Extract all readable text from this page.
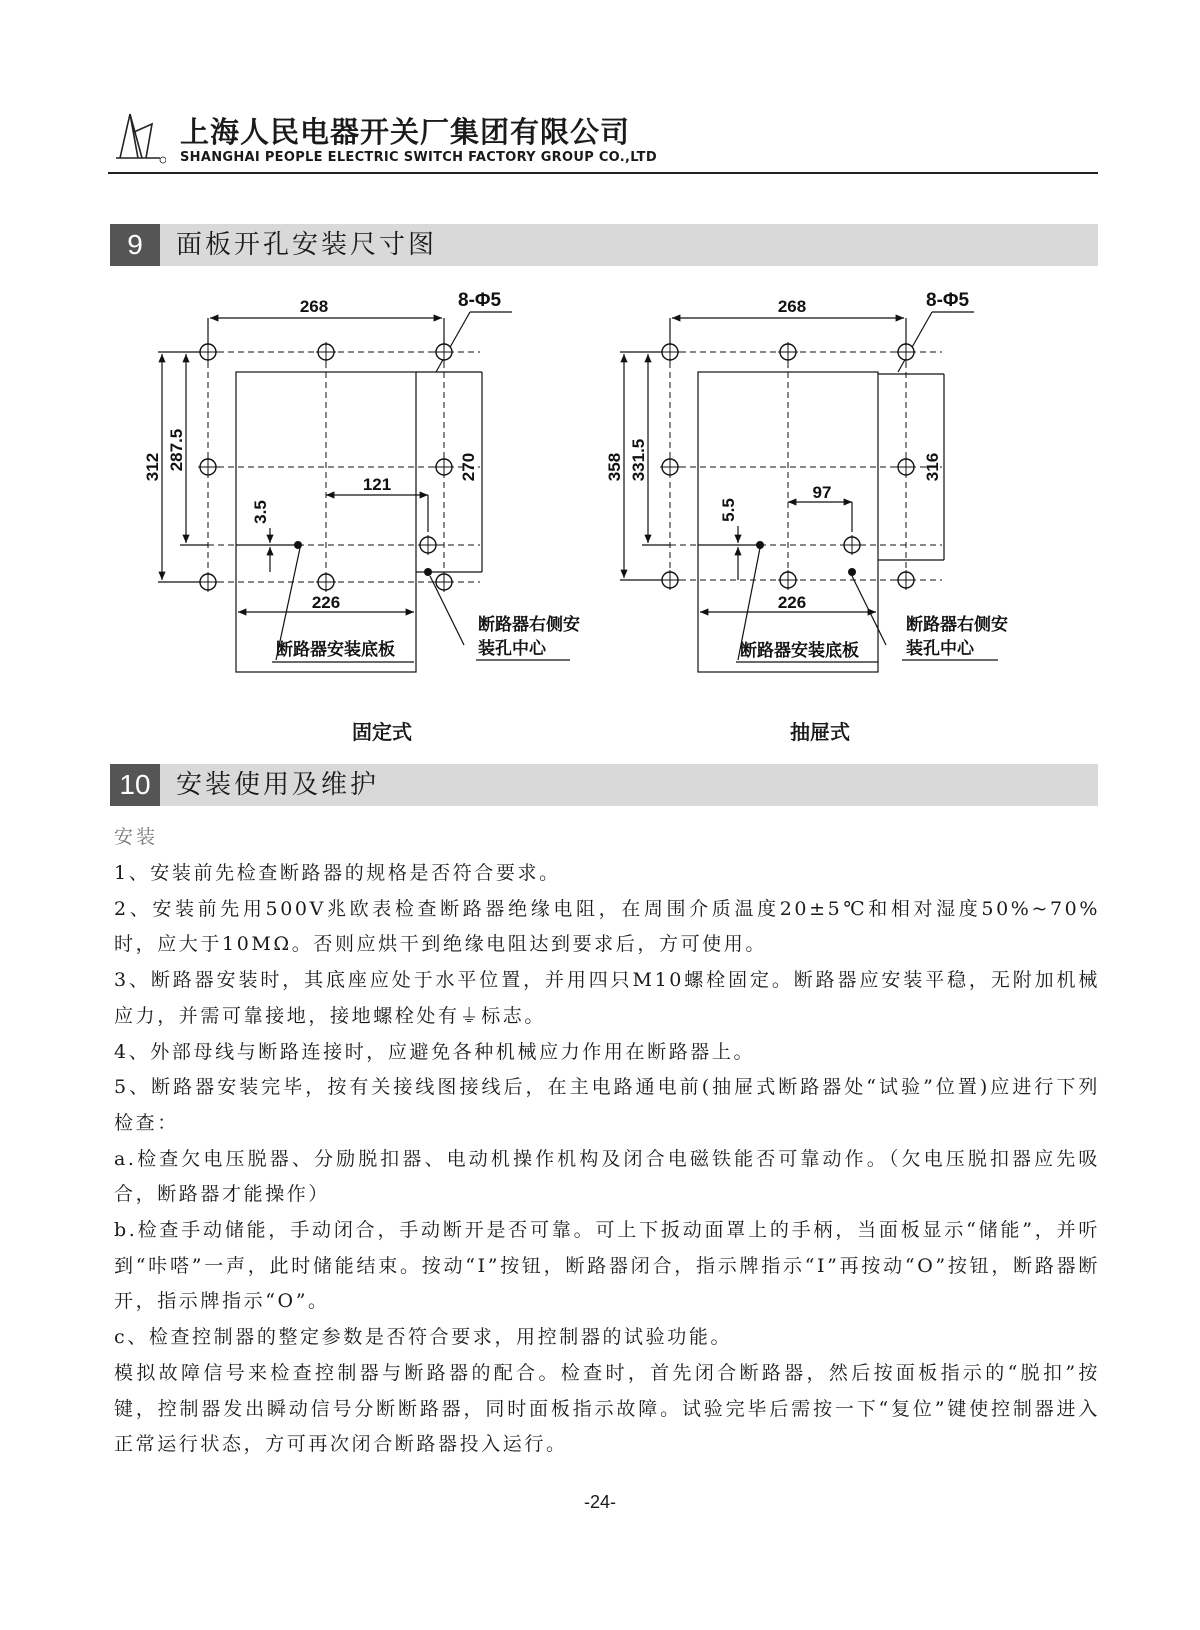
上海人民电器开关厂集团有限公司
SHANGHAI PEOPLE ELECTRIC SWITCH FACTORY GROUP CO.,LTD
9	面板开孔安装尺寸图
268	8-Φ5
312 287.5	270
3.5
121
226
断路器安装底板
断路器右侧安
装孔中心
268	8-Φ5
358 331.5	316
5.5
97
226
断路器安装底板
断路器右侧安
装孔中心
固定式	抽屉式
10 安装使用及维护
安装

1、安装前先检查断路器的规格是否符合要求。

2、安装前先用500V兆欧表检查断路器绝缘电阻，在周围介质温度20±5℃和相对湿度50%~70%时，应大于10MΩ。否则应烘干到绝缘电阻达到要求后，方可使用。

3、断路器安装时，其底座应处于水平位置，并用四只M10螺栓固定。断路器应安装平稳，无附加机械应力，并需可靠接地，接地螺栓处有⏚标志。

4、外部母线与断路连接时，应避免各种机械应力作用在断路器上。

5、断路器安装完毕，按有关接线图接线后，在主电路通电前(抽屉式断路器处“试验”位置)应进行下列检查：

a.检查欠电压脱器、分励脱扣器、电动机操作机构及闭合电磁铁能否可靠动作。（欠电压脱扣器应先吸合，断路器才能操作）

b.检查手动储能，手动闭合，手动断开是否可靠。可上下扳动面罩上的手柄，当面板显示“储能”，并听到“咔嗒”一声，此时储能结束。按动“I”按钮，断路器闭合，指示牌指示“I”再按动“O”按钮，断路器断开，指示牌指示“O”。

c、检查控制器的整定参数是否符合要求，用控制器的试验功能。

模拟故障信号来检查控制器与断路器的配合。检查时，首先闭合断路器，然后按面板指示的“脱扣”按键，控制器发出瞬动信号分断断路器，同时面板指示故障。试验完毕后需按一下“复位”键使控制器进入正常运行状态，方可再次闭合断路器投入运行。

-24-
